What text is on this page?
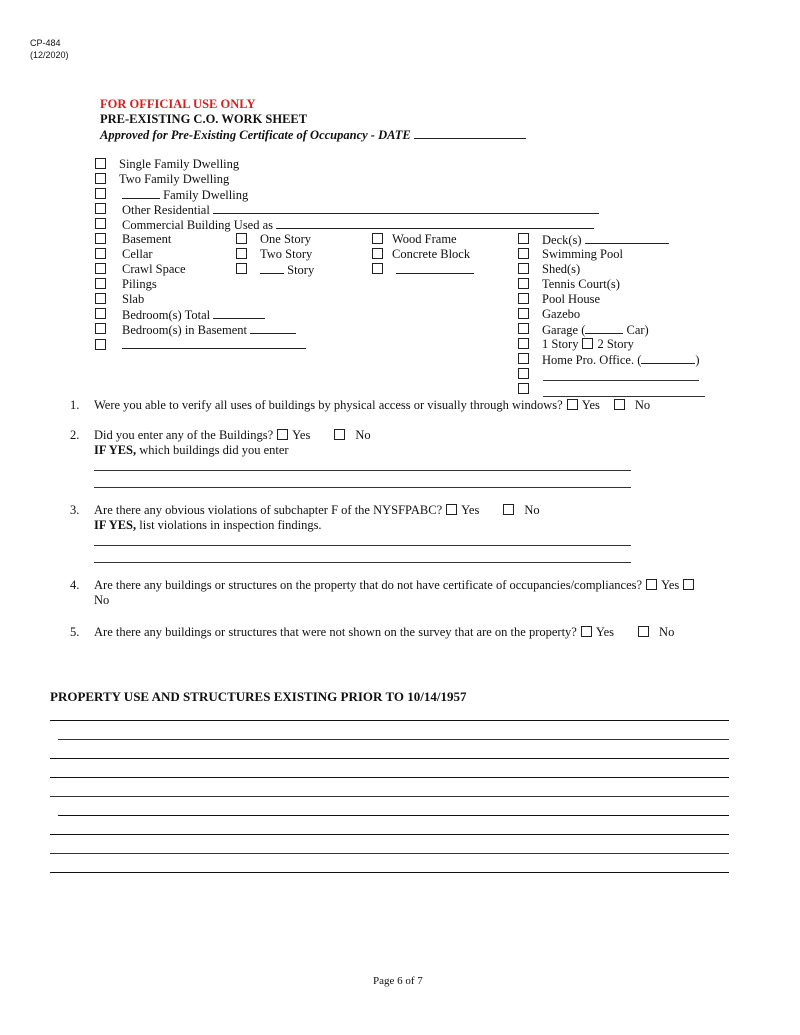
CP-484
(12/2020)
FOR OFFICIAL USE ONLY
PRE-EXISTING C.O. WORK SHEET
Approved for Pre-Existing Certificate of Occupancy - DATE
Single Family Dwelling
Two Family Dwelling
Family Dwelling
Other Residential
Commercial Building Used as
Basement
Cellar
Crawl Space
Pilings
Slab
Bedroom(s) Total
Bedroom(s) in Basement
One Story
Two Story
Story
Wood Frame
Concrete Block
Deck(s)
Swimming Pool
Shed(s)
Tennis Court(s)
Pool House
Gazebo
Garage (	Car)
1 Story 2 Story
Home Pro. Office. (	)
1. Were you able to verify all uses of buildings by physical access or visually through windows? Yes	No
2. Did you enter any of the Buildings? Yes	No
IF YES, which buildings did you enter
3. Are there any obvious violations of subchapter F of the NYSFPABC? Yes	No
IF YES, list violations in inspection findings.
4. Are there any buildings or structures on the property that do not have certificate of occupancies/compliances? Yes
No
5. Are there any buildings or structures that were not shown on the survey that are on the property? Yes	No
PROPERTY USE AND STRUCTURES EXISTING PRIOR TO 10/14/1957
Page 6 of 7
